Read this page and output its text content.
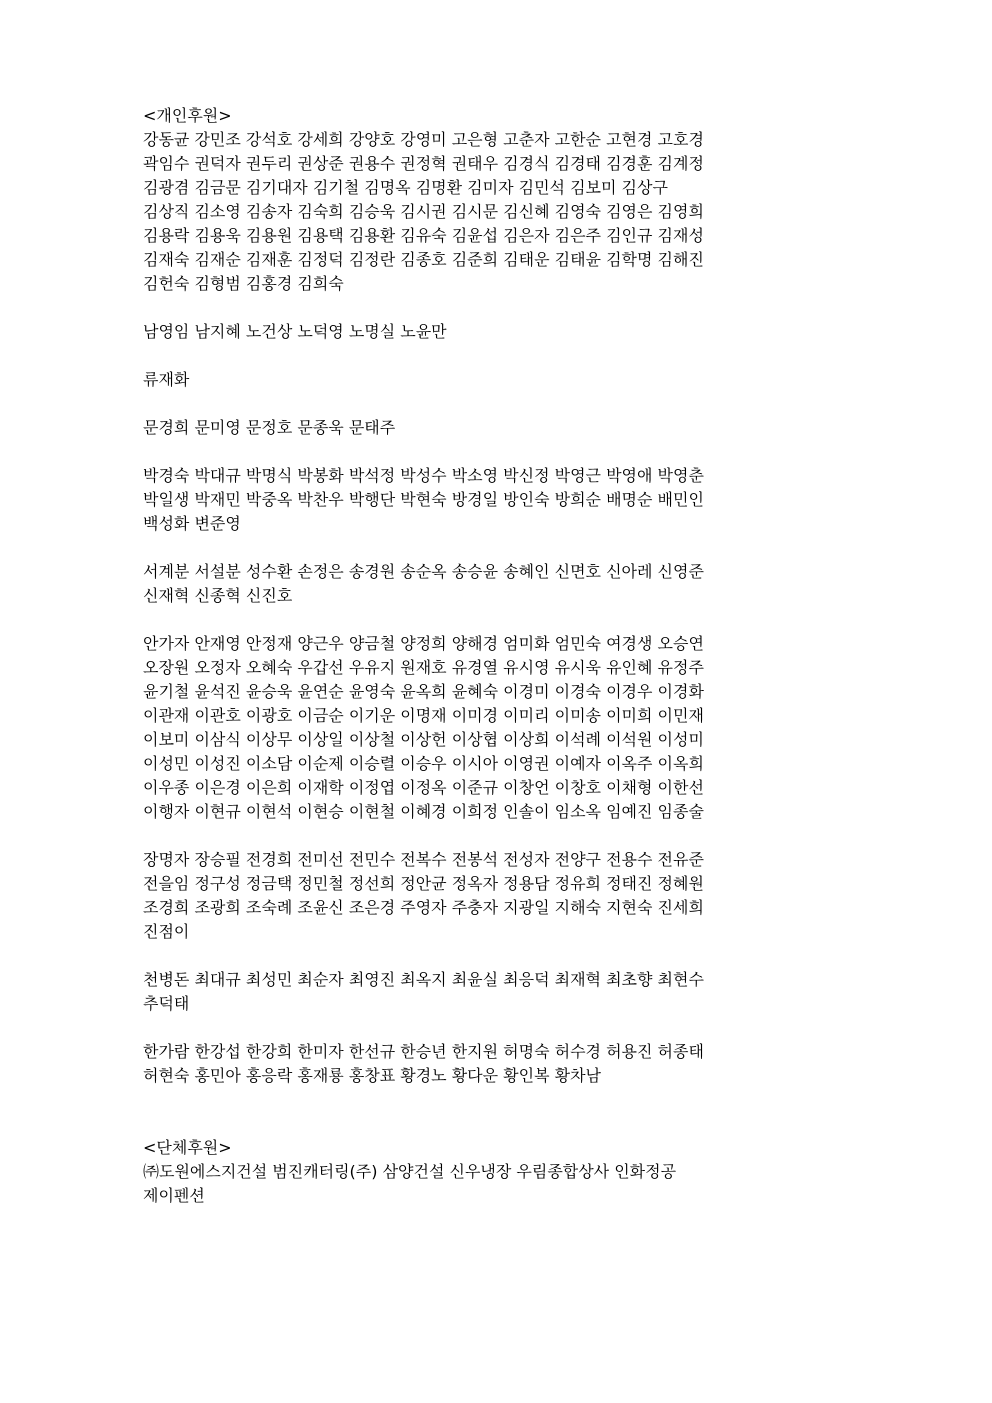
<개인후원>
강동균 강민조 강석호 강세희 강양호 강영미 고은형 고춘자 고한순 고현경 고호경
곽임수 권덕자 권두리 권상준 권용수 권정혁 권태우 김경식 김경태 김경훈 김계정
김광겸 김금문 김기대자 김기철 김명옥 김명환 김미자 김민석 김보미 김상구
김상직 김소영 김송자 김숙희 김승욱 김시권 김시문 김신혜 김영숙 김영은 김영희
김용락 김용욱 김용원 김용택 김용환 김유숙 김윤섭 김은자 김은주 김인규 김재성
김재숙 김재순 김재훈 김정덕 김정란 김종호 김준희 김태운 김태윤 김학명 김해진
김헌숙 김형범 김홍경 김희숙
남영임 남지혜 노건상 노덕영 노명실 노윤만
류재화
문경희 문미영 문정호 문종욱 문태주
박경숙 박대규 박명식 박봉화 박석정 박성수 박소영 박신정 박영근 박영애 박영춘
박일생 박재민 박중옥 박찬우 박행단 박현숙 방경일 방인숙 방희순 배명순 배민인
백성화 변준영
서계분 서설분 성수환 손정은 송경원 송순옥 송승윤 송혜인 신면호 신아레 신영준
신재혁 신종혁 신진호
안가자 안재영 안정재 양근우 양금철 양정희 양해경 엄미화 엄민숙 여경생 오승연
오장원 오정자 오혜숙 우갑선 우유지 원재호 유경열 유시영 유시욱 유인혜 유정주
윤기철 윤석진 윤승욱 윤연순 윤영숙 윤옥희 윤혜숙 이경미 이경숙 이경우 이경화
이관재 이관호 이광호 이금순 이기운 이명재 이미경 이미리 이미송 이미희 이민재
이보미 이삼식 이상무 이상일 이상철 이상헌 이상협 이상희 이석례 이석원 이성미
이성민 이성진 이소담 이순제 이승렬 이승우 이시아 이영권 이예자 이옥주 이옥희
이우종 이은경 이은희 이재학 이정엽 이정옥 이준규 이창언 이창호 이채형 이한선
이행자 이현규 이현석 이현승 이현철 이혜경 이희정 인솔이 임소옥 임예진 임종술
장명자 장승필 전경희 전미선 전민수 전복수 전봉석 전성자 전양구 전용수 전유준
전을임 정구성 정금택 정민철 정선희 정안균 정옥자 정용담 정유희 정태진 정혜원
조경희 조광희 조숙례 조윤신 조은경 주영자 주충자 지광일 지해숙 지현숙 진세희
진점이
천병돈 최대규 최성민 최순자 최영진 최옥지 최윤실 최응덕 최재혁 최초향 최현수
추덕태
한가람 한강섭 한강희 한미자 한선규 한승년 한지원 허명숙 허수경 허용진 허종태
허현숙 홍민아 홍응락 홍재룡 홍창표 황경노 황다운 황인복 황차남
<단체후원>
㈜도원에스지건설 범진캐터링(주) 삼양건설 신우냉장 우림종합상사 인화정공
제이펜션
